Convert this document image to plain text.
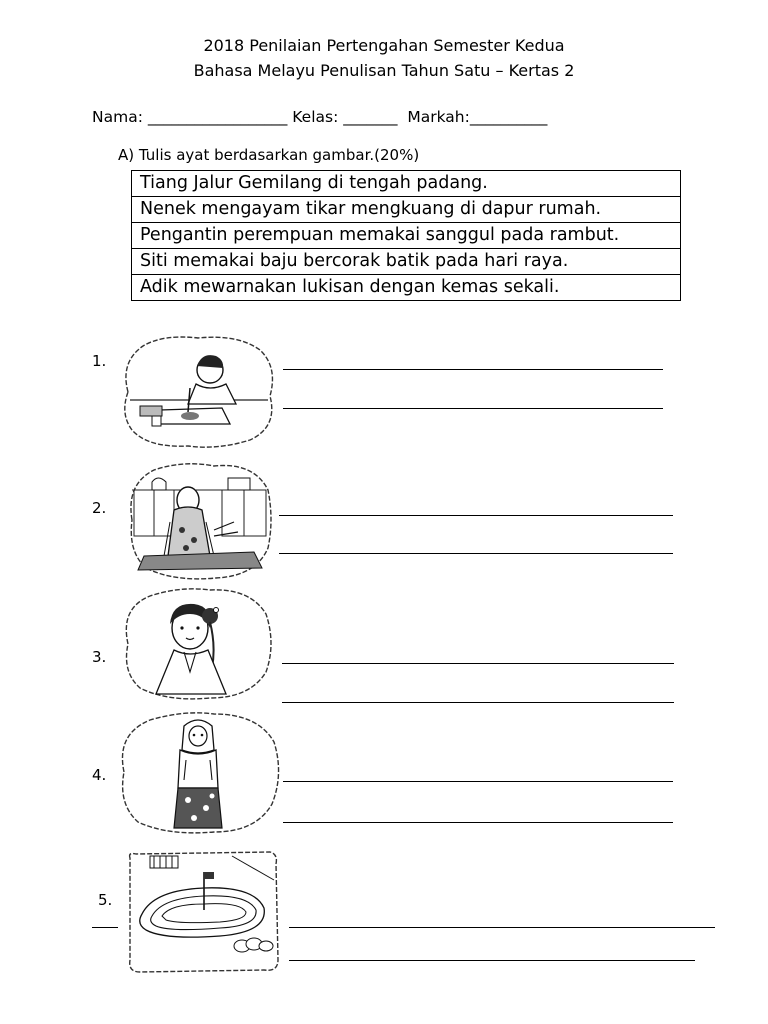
2018 Penilaian Pertengahan Semester Kedua
Bahasa Melayu Penulisan Tahun Satu – Kertas 2
Nama: __________________ Kelas: _______  Markah:__________
A) Tulis ayat berdasarkan gambar.(20%)
Tiang Jalur Gemilang di tengah padang.
Nenek mengayam tikar mengkuang di dapur rumah.
Pengantin perempuan memakai sanggul pada rambut.
Siti memakai baju bercorak batik pada hari raya.
Adik mewarnakan lukisan dengan kemas sekali.
1.
2.
3.
4.
5.
